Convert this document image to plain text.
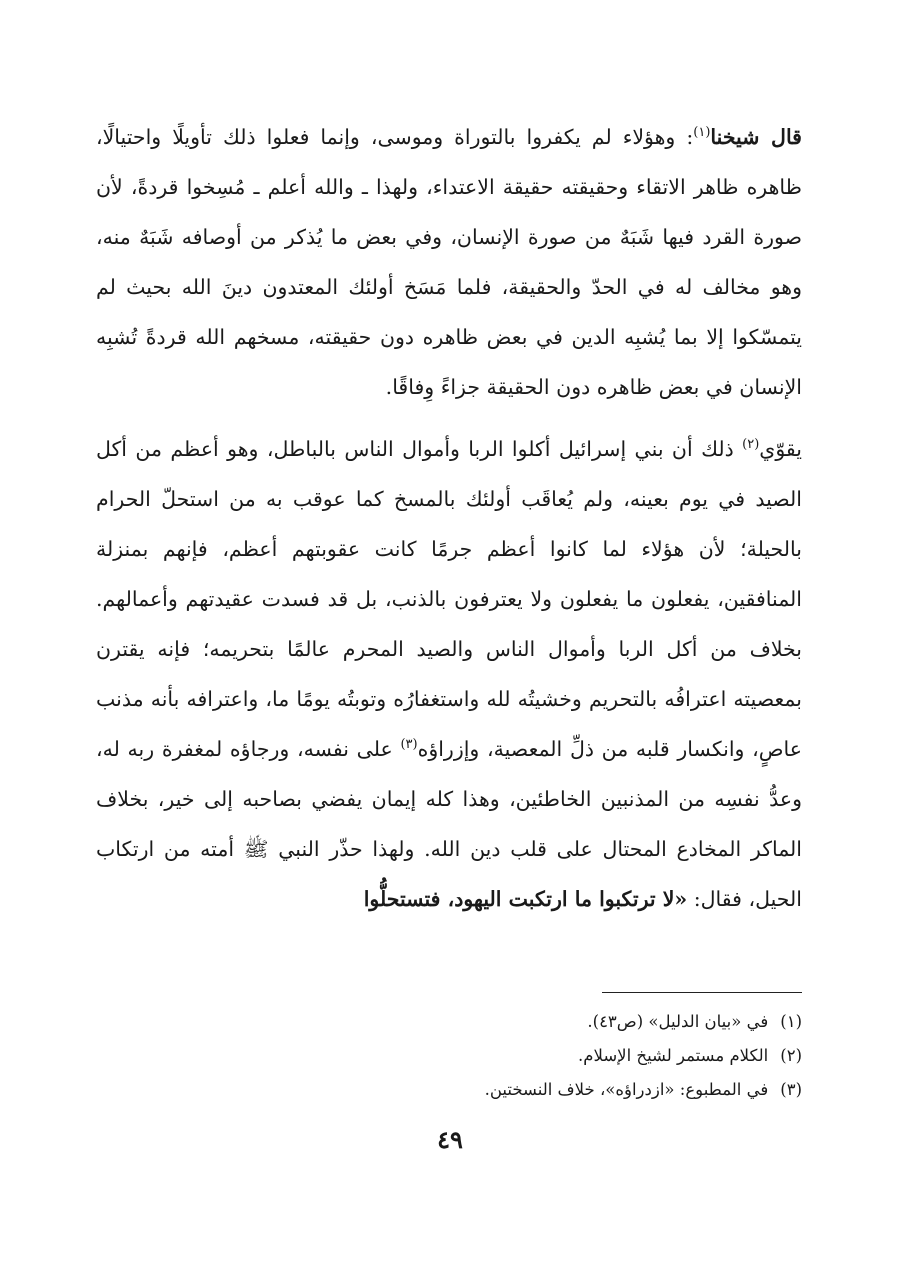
قال شيخنا$^{(١)}$: وهؤلاء لم يكفروا بالتوراة وموسى، وإنما فعلوا ذلك تأويلًا واحتيالًا، ظاهره ظاهر الاتقاء وحقيقته حقيقة الاعتداء، ولهذا ـ والله أعلم ـ مُسِخوا قردةً، لأن صورة القرد فيها شَبَهٌ من صورة الإنسان، وفي بعض ما يُذكر من أوصافه شَبَهٌ منه، وهو مخالف له في الحدّ والحقيقة، فلما مَسَخ أولئك المعتدون دينَ الله بحيث لم يتمسّكوا إلا بما يُشبِه الدين في بعض ظاهره دون حقيقته، مسخهم الله قردةً تُشبِه الإنسان في بعض ظاهره دون الحقيقة جزاءً وِفاقًا.

يقوّي$^{(٢)}$ ذلك أن بني إسرائيل أكلوا الربا وأموال الناس بالباطل، وهو أعظم من أكل الصيد في يوم بعينه، ولم يُعاقَب أولئك بالمسخ كما عوقب به من استحلّ الحرام بالحيلة؛ لأن هؤلاء لما كانوا أعظم جرمًا كانت عقوبتهم أعظم، فإنهم بمنزلة المنافقين، يفعلون ما يفعلون ولا يعترفون بالذنب، بل قد فسدت عقيدتهم وأعمالهم. بخلاف من أكل الربا وأموال الناس والصيد المحرم عالمًا بتحريمه؛ فإنه يقترن بمعصيته اعترافُه بالتحريم وخشيتُه لله واستغفارُه وتوبتُه يومًا ما، واعترافه بأنه مذنب عاصٍ، وانكسار قلبه من ذلِّ المعصية، وإزراؤه$^{(٣)}$ على نفسه، ورجاؤه لمغفرة ربه له، وعدُّ نفسِه من المذنبين الخاطئين، وهذا كله إيمان يفضي بصاحبه إلى خير، بخلاف الماكر المخادع المحتال على قلب دين الله. ولهذا حذّر النبي ﷺ أمته من ارتكاب الحيل، فقال: «لا ترتكبوا ما ارتكبت اليهود، فتستحلُّوا

(١)في «بيان الدليل» (ص٤٣).

(٢)الكلام مستمر لشيخ الإسلام.

(٣)في المطبوع: «ازدراؤه»، خلاف النسختين.

٤٩
